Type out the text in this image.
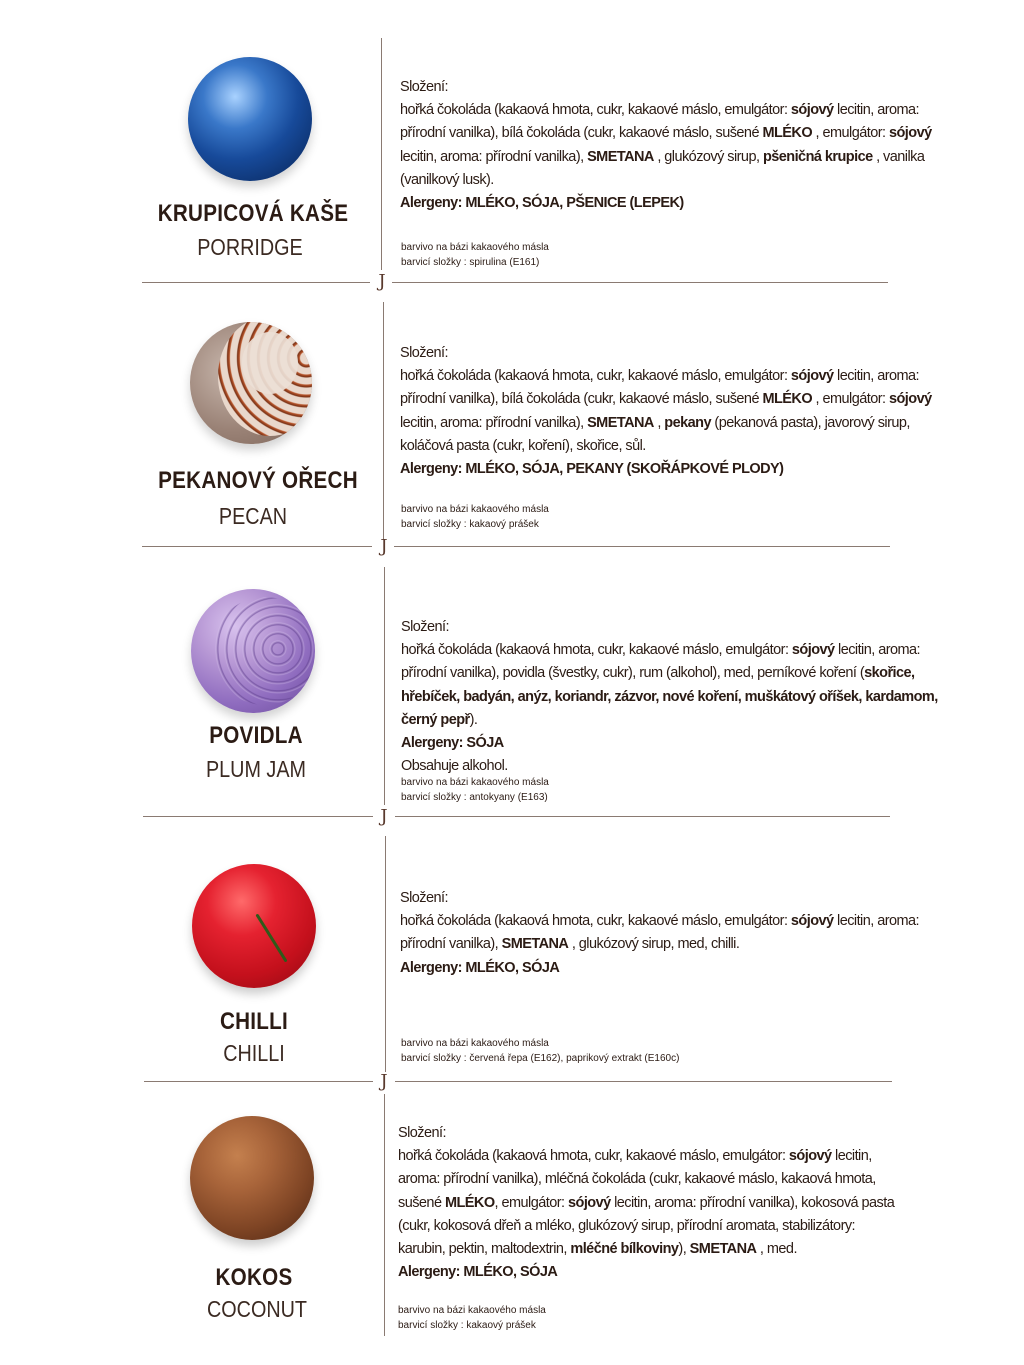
KRUPICOVÁ KAŠE
PORRIDGE
Složení:
hořká čokoláda (kakaová hmota, cukr, kakaové máslo, emulgátor: sójový lecitin, aroma: přírodní vanilka), bílá čokoláda (cukr, kakaové máslo, sušené MLÉKO , emulgátor: sójový lecitin, aroma: přírodní vanilka), SMETANA , glukózový sirup, pšeničná krupice , vanilka (vanilkový lusk).
Alergeny: MLÉKO, SÓJA, PŠENICE (LEPEK)
barvivo na bázi kakaového másla
barvicí složky : spirulina (E161)
J
PEKANOVÝ OŘECH
PECAN
Složení:
hořká čokoláda (kakaová hmota, cukr, kakaové máslo, emulgátor: sójový lecitin, aroma: přírodní vanilka), bílá čokoláda (cukr, kakaové máslo, sušené MLÉKO , emulgátor: sójový lecitin, aroma: přírodní vanilka), SMETANA , pekany (pekanová pasta), javorový sirup, koláčová pasta (cukr, koření), skořice, sůl.
Alergeny: MLÉKO, SÓJA, PEKANY (SKOŘÁPKOVÉ PLODY)
barvivo na bázi kakaového másla
barvicí složky : kakaový prášek
J
POVIDLA
PLUM JAM
Složení:
hořká čokoláda (kakaová hmota, cukr, kakaové máslo, emulgátor: sójový lecitin, aroma: přírodní vanilka), povidla (švestky, cukr), rum (alkohol), med, perníkové koření (skořice, hřebíček, badyán, anýz, koriandr, zázvor, nové koření, muškátový oříšek, kardamom, černý pepř).
Alergeny: SÓJA
Obsahuje alkohol.
barvivo na bázi kakaového másla
barvicí složky : antokyany (E163)
J
CHILLI
CHILLI
Složení:
hořká čokoláda (kakaová hmota, cukr, kakaové máslo, emulgátor: sójový lecitin, aroma: přírodní vanilka), SMETANA , glukózový sirup, med, chilli.
Alergeny: MLÉKO, SÓJA
barvivo na bázi kakaového másla
barvicí složky : červená řepa (E162), paprikový extrakt (E160c)
J
KOKOS
COCONUT
Složení:
hořká čokoláda (kakaová hmota, cukr, kakaové máslo, emulgátor: sójový lecitin, aroma: přírodní vanilka), mléčná čokoláda (cukr, kakaové máslo, kakaová hmota, sušené MLÉKO, emulgátor: sójový lecitin, aroma: přírodní vanilka), kokosová pasta (cukr, kokosová dřeň a mléko, glukózový sirup, přírodní aromata, stabilizátory: karubin, pektin, maltodextrin, mléčné bílkoviny), SMETANA , med.
Alergeny: MLÉKO, SÓJA
barvivo na bázi kakaového másla
barvicí složky : kakaový prášek
